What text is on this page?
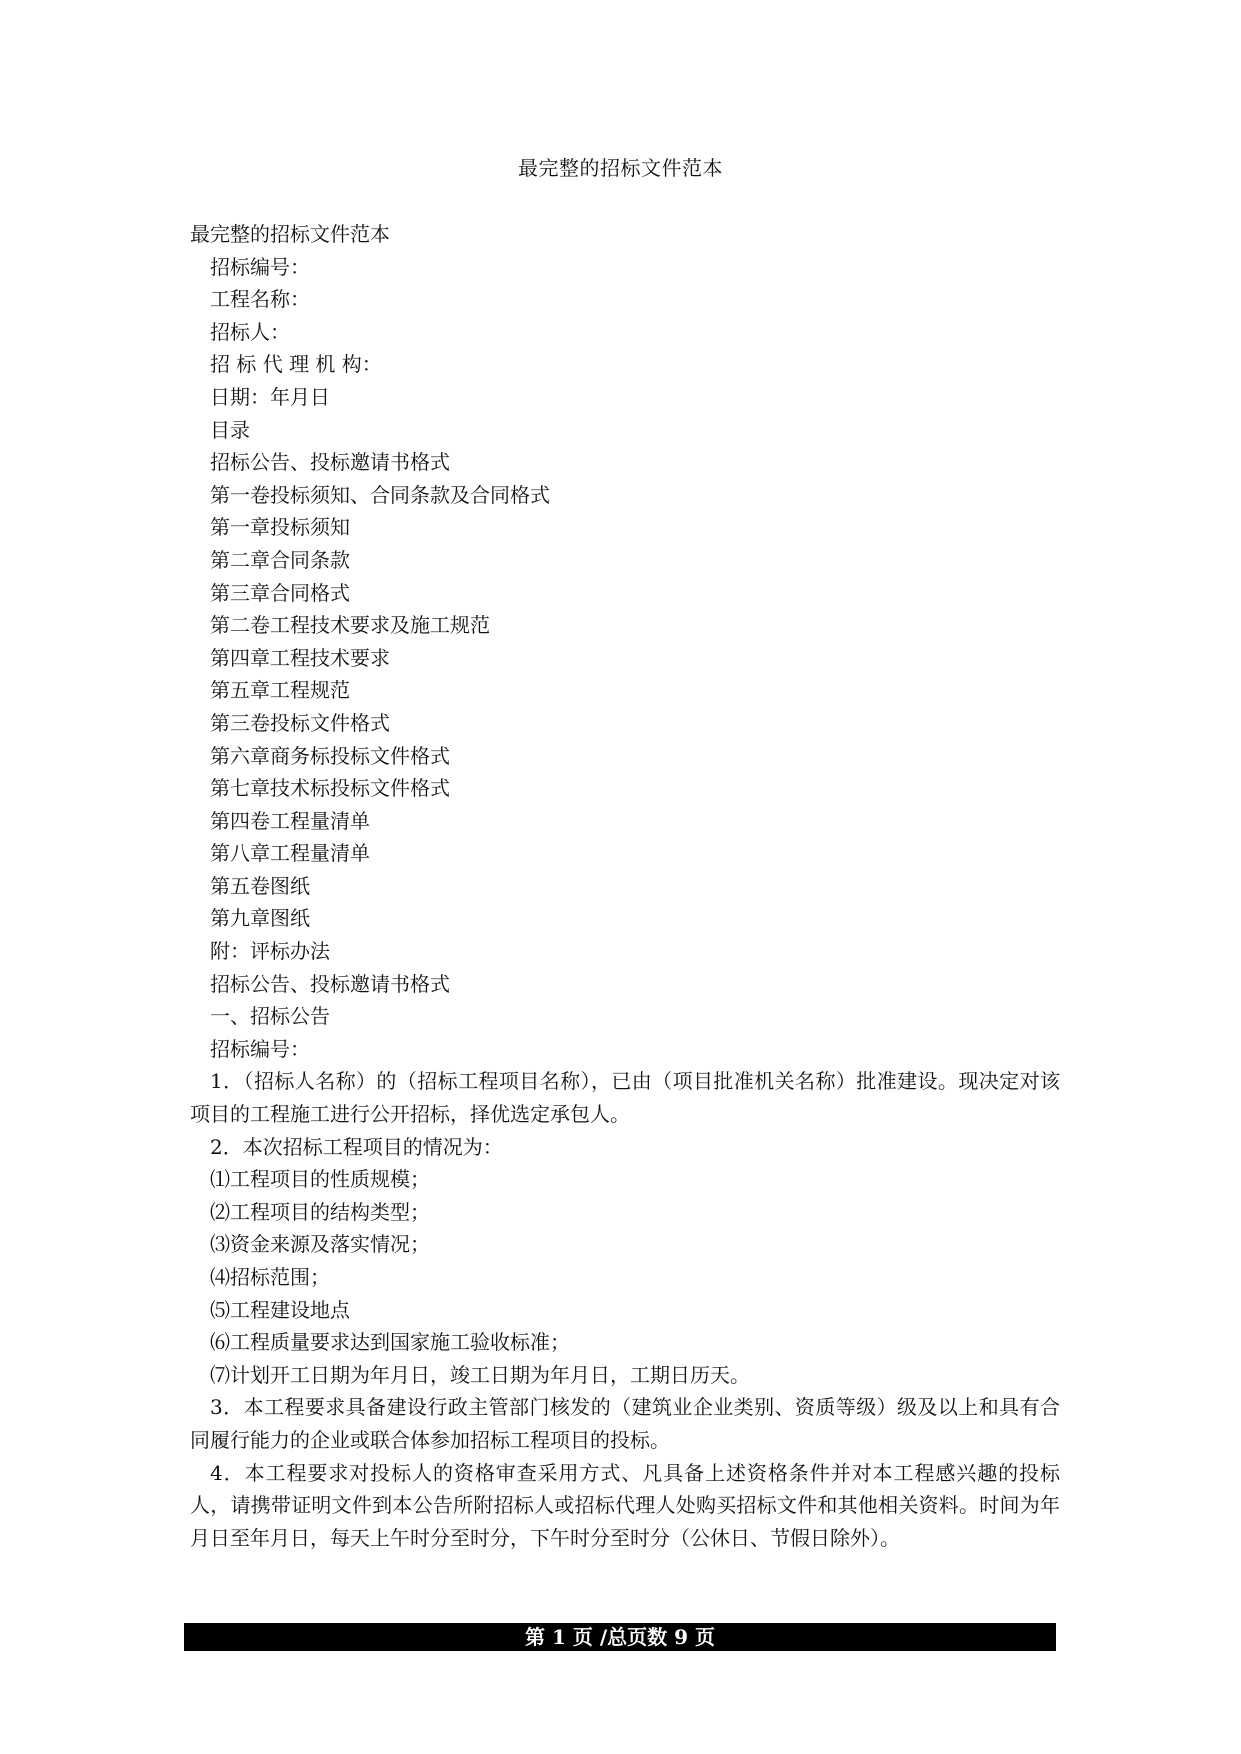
最完整的招标文件范本
最完整的招标文件范本
招标编号：
工程名称：
招标人：
招 标 代 理 机 构：
日期：年月日
目录
招标公告、投标邀请书格式
第一卷投标须知、合同条款及合同格式
第一章投标须知
第二章合同条款
第三章合同格式
第二卷工程技术要求及施工规范
第四章工程技术要求
第五章工程规范
第三卷投标文件格式
第六章商务标投标文件格式
第七章技术标投标文件格式
第四卷工程量清单
第八章工程量清单
第五卷图纸
第九章图纸
附：评标办法
招标公告、投标邀请书格式
一、招标公告
招标编号：
1．（招标人名称）的（招标工程项目名称），已由（项目批准机关名称）批准建设。现决定对该项目的工程施工进行公开招标，择优选定承包人。
2．本次招标工程项目的情况为：
⑴工程项目的性质规模；
⑵工程项目的结构类型；
⑶资金来源及落实情况；
⑷招标范围；
⑸工程建设地点
⑹工程质量要求达到国家施工验收标准；
⑺计划开工日期为年月日，竣工日期为年月日，工期日历天。
3．本工程要求具备建设行政主管部门核发的（建筑业企业类别、资质等级）级及以上和具有合同履行能力的企业或联合体参加招标工程项目的投标。
4．本工程要求对投标人的资格审查采用方式、凡具备上述资格条件并对本工程感兴趣的投标人，请携带证明文件到本公告所附招标人或招标代理人处购买招标文件和其他相关资料。时间为年月日至年月日，每天上午时分至时分，下午时分至时分（公休日、节假日除外）。
第 1 页 /总页数 9 页
